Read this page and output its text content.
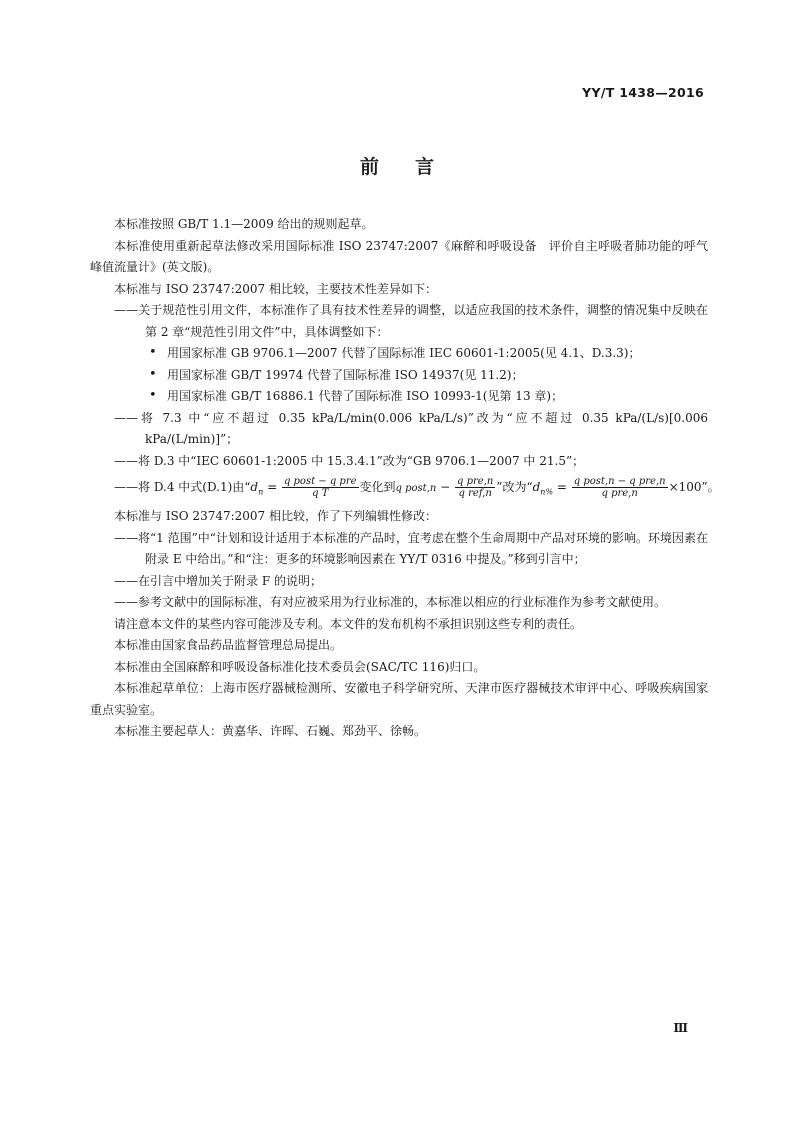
YY/T 1438—2016
前言

本标准按照 GB/T 1.1—2009 给出的规则起草。

本标准使用重新起草法修改采用国际标准 ISO 23747:2007《麻醉和呼吸设备　评价自主呼吸者肺功能的呼气峰值流量计》(英文版)。

本标准与 ISO 23747:2007 相比较，主要技术性差异如下：

——关于规范性引用文件，本标准作了具有技术性差异的调整，以适应我国的技术条件，调整的情况集中反映在第 2 章“规范性引用文件”中，具体调整如下：

• 用国家标准 GB 9706.1—2007 代替了国际标准 IEC 60601-1:2005(见 4.1、D.3.3)；
• 用国家标准 GB/T 19974 代替了国际标准 ISO 14937(见 11.2)；
• 用国家标准 GB/T 16886.1 代替了国际标准 ISO 10993-1(见第 13 章)；

——将 7.3 中“应不超过 0.35 kPa/L/min(0.006 kPa/L/s)”改为“应不超过 0.35 kPa/(L/s)[0.006 kPa/(L/min)]”；

——将 D.3 中“IEC 60601-1:2005 中 15.3.4.1”改为“GB 9706.1—2007 中 21.5”；

——将 D.4 中式(D.1)由“$d_n = \frac{\text{q post − q pre}}{\text{q T}}$ 变化到q post,n − $\frac{\text{q pre,n}}{\text{q ref,n}}$ ”改为“$d_{n\%} = \frac{\text{q post,n − q pre,n}}{\text{q pre,n}} \times 100$”。

本标准与 ISO 23747:2007 相比较，作了下列编辑性修改：

——将“1 范围”中“计划和设计适用于本标准的产品时，宜考虑在整个生命周期中产品对环境的影响。环境因素在附录 E 中给出。”和“注：更多的环境影响因素在 YY/T 0316 中提及。”移到引言中；

——在引言中增加关于附录 F 的说明；

——参考文献中的国际标准，有对应被采用为行业标准的，本标准以相应的行业标准作为参考文献使用。

请注意本文件的某些内容可能涉及专利。本文件的发布机构不承担识别这些专利的责任。

本标准由国家食品药品监督管理总局提出。

本标准由全国麻醉和呼吸设备标准化技术委员会(SAC/TC 116)归口。

本标准起草单位：上海市医疗器械检测所、安徽电子科学研究所、天津市医疗器械技术审评中心、呼吸疾病国家重点实验室。

本标准主要起草人：黄嘉华、许晖、石巍、郑劲平、徐畅。

Ⅲ
